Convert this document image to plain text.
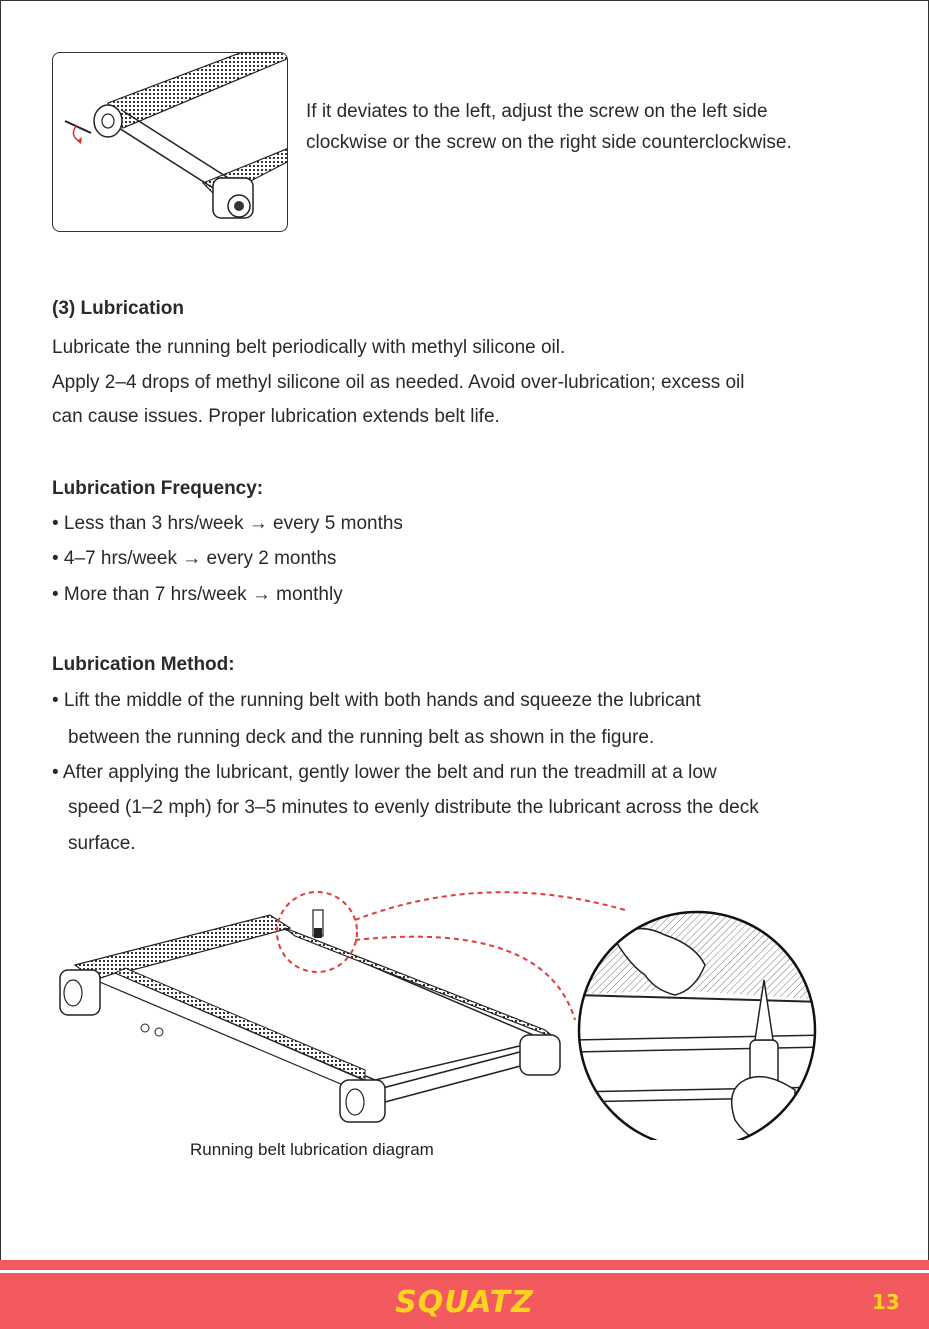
If it deviates to the left, adjust the screw on the left side
clockwise or the screw on the right side counterclockwise.
(3) Lubrication
Lubricate the running belt periodically with methyl silicone oil.
Apply 2–4 drops of methyl silicone oil as needed. Avoid over-lubrication; excess oil
can cause issues. Proper lubrication extends belt life.
Lubrication Frequency:
• Less than 3 hrs/week → every 5 months
• 4–7 hrs/week → every 2 months
• More than 7 hrs/week → monthly
Lubrication Method:
• Lift the middle of the running belt with both hands and squeeze the lubricant
between the running deck and the running belt as shown in the figure.
• After applying the lubricant, gently lower the belt and run the treadmill at a low
speed (1–2 mph) for 3–5 minutes to evenly distribute the lubricant across the deck
surface.
Running belt lubrication diagram
SQUATZ	13
